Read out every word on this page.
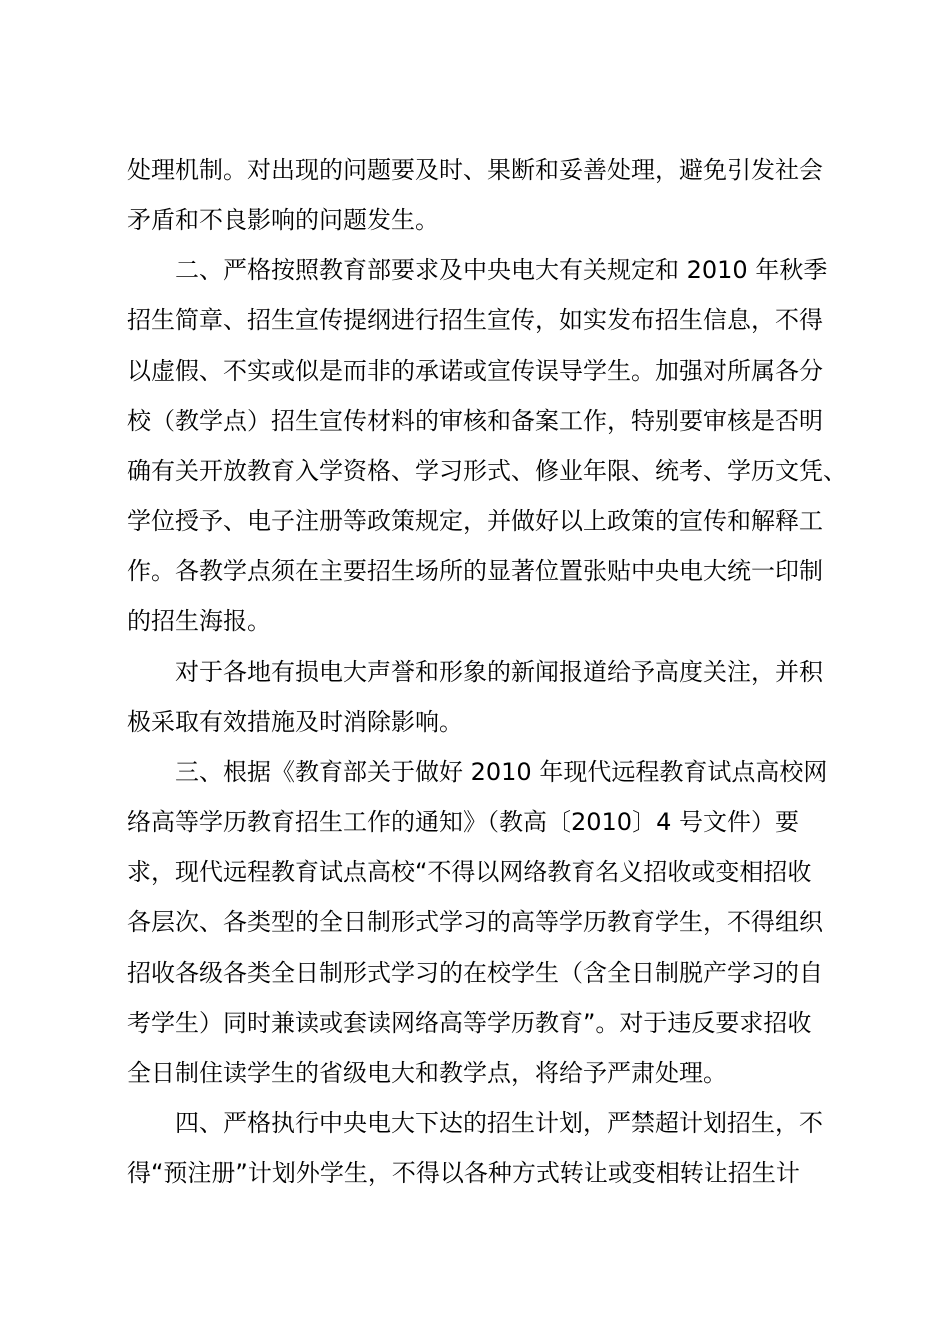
处理机制。对出现的问题要及时、果断和妥善处理，避免引发社会
矛盾和不良影响的问题发生。
二、严格按照教育部要求及中央电大有关规定和 2010 年秋季
招生简章、招生宣传提纲进行招生宣传，如实发布招生信息，不得
以虚假、不实或似是而非的承诺或宣传误导学生。加强对所属各分
校（教学点）招生宣传材料的审核和备案工作，特别要审核是否明
确有关开放教育入学资格、学习形式、修业年限、统考、学历文凭、
学位授予、电子注册等政策规定，并做好以上政策的宣传和解释工
作。各教学点须在主要招生场所的显著位置张贴中央电大统一印制
的招生海报。
对于各地有损电大声誉和形象的新闻报道给予高度关注，并积
极采取有效措施及时消除影响。
三、根据《教育部关于做好 2010 年现代远程教育试点高校网
络高等学历教育招生工作的通知》（教高〔2010〕4 号文件）要
求，现代远程教育试点高校“不得以网络教育名义招收或变相招收
各层次、各类型的全日制形式学习的高等学历教育学生，不得组织
招收各级各类全日制形式学习的在校学生（含全日制脱产学习的自
考学生）同时兼读或套读网络高等学历教育”。对于违反要求招收
全日制住读学生的省级电大和教学点，将给予严肃处理。
四、严格执行中央电大下达的招生计划，严禁超计划招生，不
得“预注册”计划外学生，不得以各种方式转让或变相转让招生计
